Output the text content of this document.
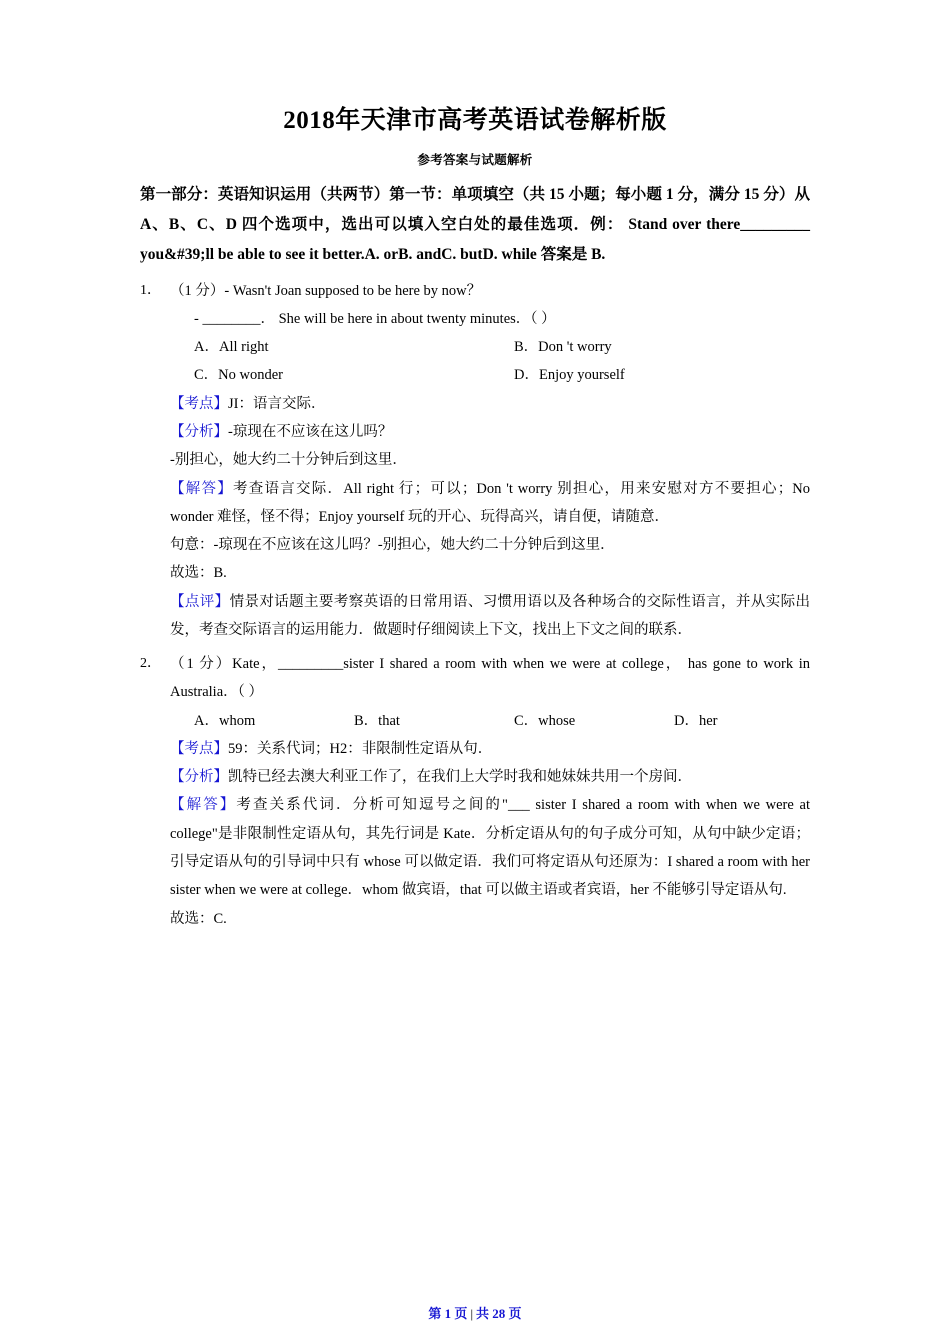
2018年天津市高考英语试卷解析版
参考答案与试题解析
第一部分：英语知识运用（共两节）第一节：单项填空（共 15 小题；每小题 1 分，满分 15 分）从 A、B、C、D 四个选项中，选出可以填入空白处的最佳选项．例： Stand over there_________ you&#39;ll be able to see it better.A. orB. andC. butD. while 答案是 B.
1． （1 分）‐ Wasn't Joan supposed to be here by now？
‐ ________． She will be here in about twenty minutes．（ ）
A．All right	B．Don 't worry
C．No wonder	D．Enjoy yourself
【考点】JI：语言交际．
【分析】‐琼现在不应该在这儿吗？
‐别担心，她大约二十分钟后到这里．
【解答】考查语言交际．All right 行；可以；Don 't worry 别担心，用来安慰对方不要担心；No wonder 难怪，怪不得；Enjoy yourself 玩的开心、玩得高兴，请自便，请随意．
句意：‐琼现在不应该在这儿吗？‐别担心，她大约二十分钟后到这里．
故选：B.
【点评】情景对话题主要考察英语的日常用语、习惯用语以及各种场合的交际性语言，并从实际出发，考查交际语言的运用能力．做题时仔细阅读上下文，找出上下文之间的联系．
2． （1 分）Kate，_________sister I shared a room with when we were at college， has gone to work in Australia．（ ）
A．whom	B．that	C．whose	D．her
【考点】59：关系代词；H2：非限制性定语从句．
【分析】凯特已经去澳大利亚工作了，在我们上大学时我和她妹妹共用一个房间．
【解答】考查关系代词．分析可知逗号之间的"___ sister I shared a room with when we were at college"是非限制性定语从句，其先行词是 Kate．分析定语从句的句子成分可知，从句中缺少定语；引导定语从句的引导词中只有 whose 可以做定语．我们可将定语从句还原为：I shared a room with her sister when we were at college．whom 做宾语，that 可以做主语或者宾语，her 不能够引导定语从句.
故选：C.
第 1 页 | 共 28 页
